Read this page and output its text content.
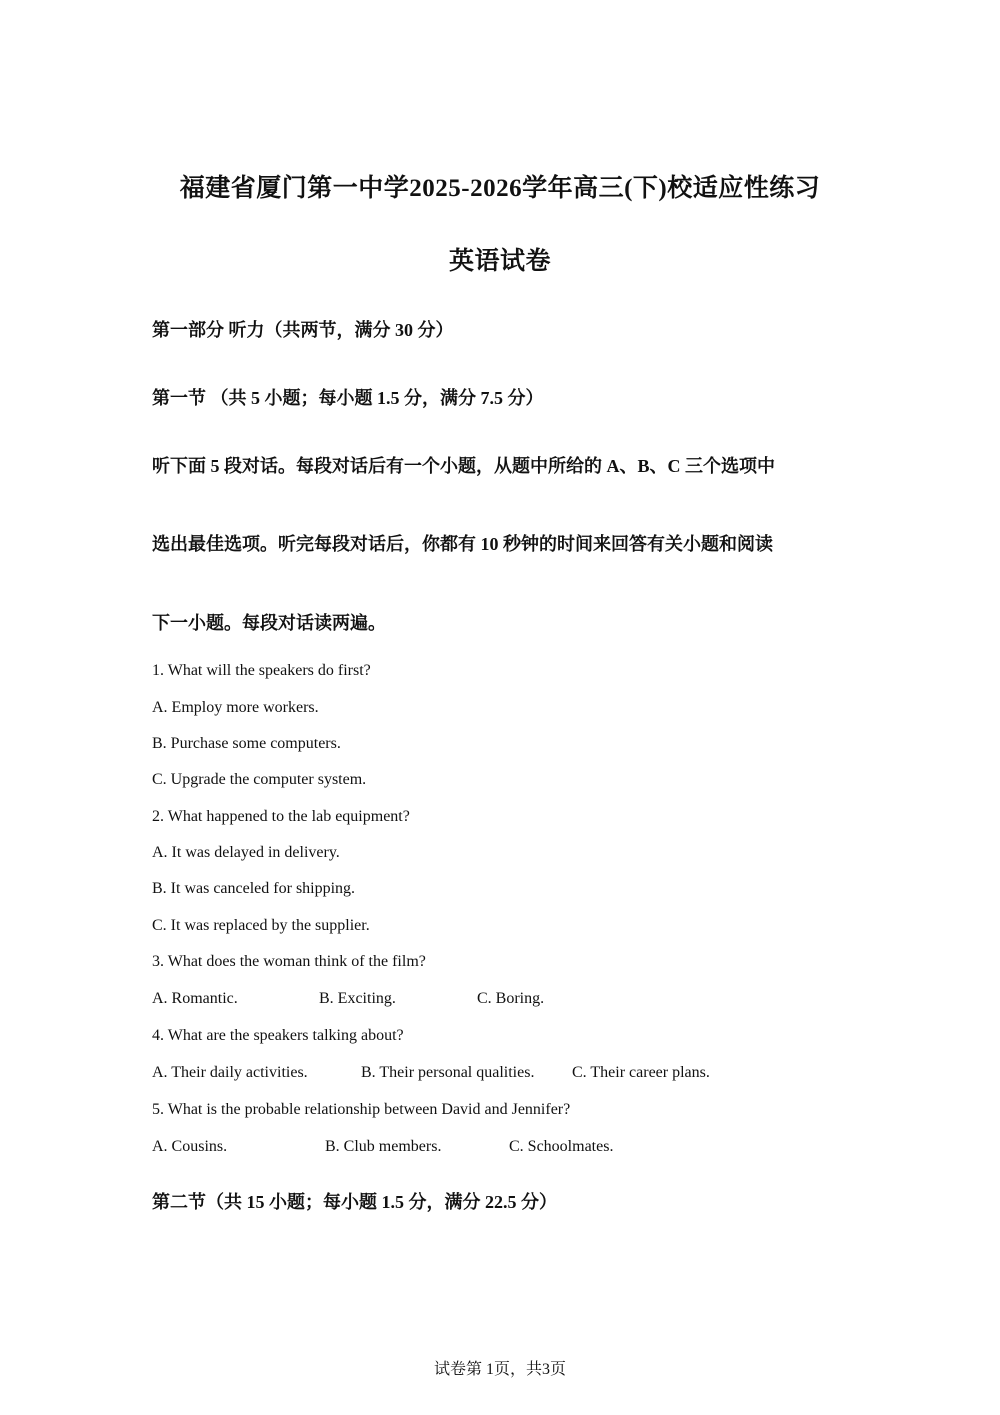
福建省厦门第一中学2025-2026学年高三(下)校适应性练习
英语试卷
第一部分 听力（共两节，满分 30 分）
第一节 （共 5 小题；每小题 1.5 分，满分 7.5 分）
听下面 5 段对话。每段对话后有一个小题，从题中所给的 A、B、C 三个选项中
选出最佳选项。听完每段对话后，你都有 10 秒钟的时间来回答有关小题和阅读
下一小题。每段对话读两遍。
1. What will the speakers do first?
A. Employ more workers.
B. Purchase some computers.
C. Upgrade the computer system.
2. What happened to the lab equipment?
A. It was delayed in delivery.
B. It was canceled for shipping.
C. It was replaced by the supplier.
3. What does the woman think of the film?
A. Romantic.	B. Exciting.	C. Boring.
4. What are the speakers talking about?
A. Their daily activities.	B. Their personal qualities. C. Their career plans.
5. What is the probable relationship between David and Jennifer?
A. Cousins.	B. Club members.	C. Schoolmates.
第二节（共 15 小题；每小题 1.5 分，满分 22.5 分）
试卷第 1页，共3页
